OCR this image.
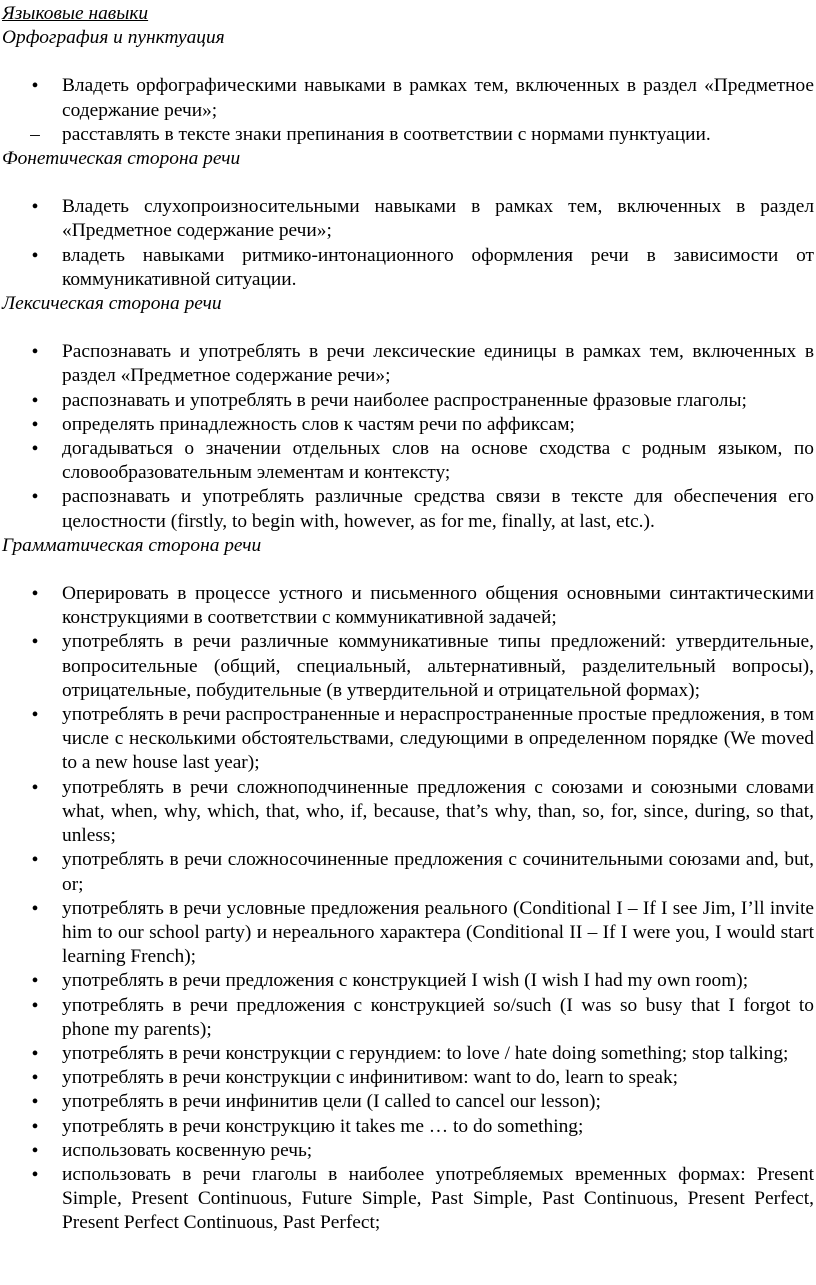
Языковые навыки
Орфография и пунктуация
•
Владеть орфографическими навыками в рамках тем, включенных в раздел «Предметное содержание речи»;
–
расставлять в тексте знаки препинания в соответствии с нормами пунктуации.
Фонетическая сторона речи
•
Владеть слухопроизносительными навыками в рамках тем, включенных в раздел «Предметное содержание речи»;
•
владеть навыками ритмико-интонационного оформления речи в зависимости от коммуникативной ситуации.
Лексическая сторона речи
•
Распознавать и употреблять в речи лексические единицы в рамках тем, включенных в раздел «Предметное содержание речи»;
•
распознавать и употреблять в речи наиболее распространенные фразовые глаголы;
•
определять принадлежность слов к частям речи по аффиксам;
•
догадываться о значении отдельных слов на основе сходства с родным языком, по словообразовательным элементам и контексту;
•
распознавать и употреблять различные средства связи в тексте для обеспечения его целостности (firstly, to begin with, however, as for me, finally, at last, etc.).
Грамматическая сторона речи
•
Оперировать в процессе устного и письменного общения основными синтактическими конструкциями в соответствии с коммуникативной задачей;
•
употреблять в речи различные коммуникативные типы предложений: утвердительные, вопросительные (общий, специальный, альтернативный, разделительный вопросы), отрицательные, побудительные (в утвердительной и отрицательной формах);
•
употреблять в речи распространенные и нераспространенные простые предложения, в том числе с несколькими обстоятельствами, следующими в определенном порядке (We moved to a new house last year);
•
употреблять в речи сложноподчиненные предложения с союзами и союзными словами what, when, why, which, that, who, if, because, that’s why, than, so, for, since, during, so that, unless;
•
употреблять в речи сложносочиненные предложения с сочинительными союзами and, but, or;
•
употреблять в речи условные предложения реального (Conditional I – If I see Jim, I’ll invite him to our school party) и нереального характера (Conditional II – If I were you, I would start learning French);
•
употреблять в речи предложения с конструкцией I wish (I wish I had my own room);
•
употреблять в речи предложения с конструкцией so/such (I was so busy that I forgot to phone my parents);
•
употреблять в речи конструкции с герундием: to love / hate doing something; stop talking;
•
употреблять в речи конструкции с инфинитивом: want to do, learn to speak;
•
употреблять в речи инфинитив цели (I called to cancel our lesson);
•
употреблять в речи конструкцию it takes me … to do something;
•
использовать косвенную речь;
•
использовать в речи глаголы в наиболее употребляемых временных формах: Present Simple, Present Continuous, Future Simple, Past Simple, Past Continuous, Present Perfect, Present Perfect Continuous, Past Perfect;
